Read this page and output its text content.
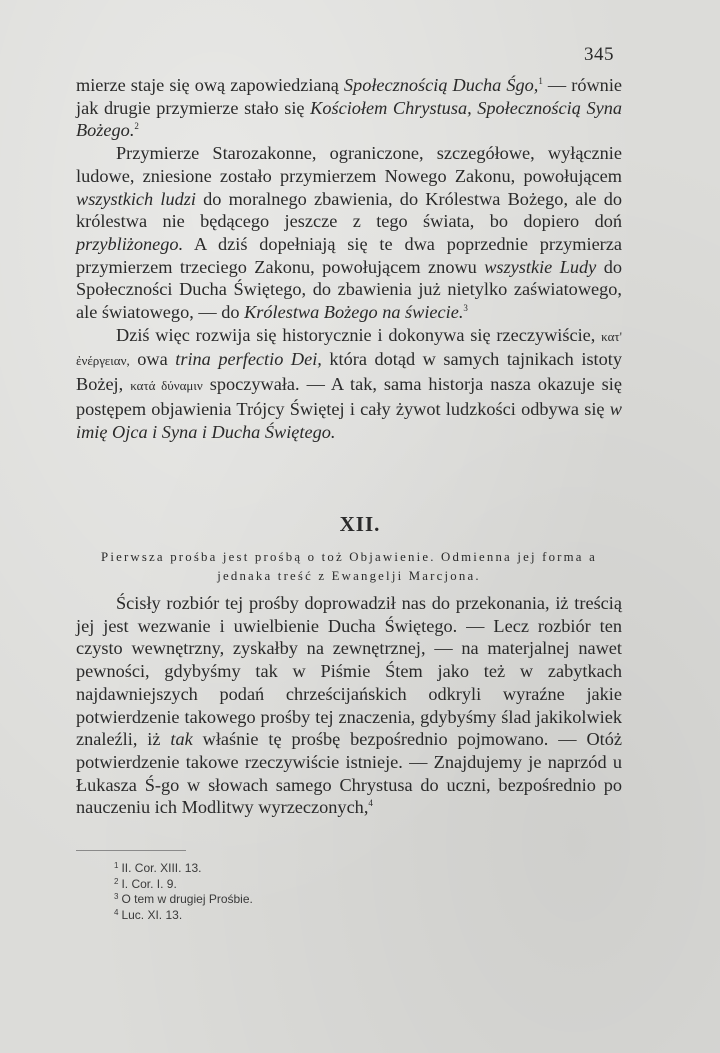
345

mierze staje się ową zapowiedzianą Społecznością Ducha Śgo,$^1$ — równie jak drugie przymierze stało się Kościołem Chrystusa, Społecznością Syna Bożego.$^2$

Przymierze Starozakonne, ograniczone, szczegółowe, wyłącznie ludowe, zniesione zostało przymierzem Nowego Zakonu, powołującem wszystkich ludzi do moralnego zbawienia, do Królestwa Bożego, ale do królestwa nie będącego jeszcze z tego świata, bo dopiero doń przybliżonego. A dziś dopełniają się te dwa poprzednie przymierza przymierzem trzeciego Zakonu, powołującem znowu wszystkie Ludy do Społeczności Ducha Świętego, do zbawienia już nietylko zaświatowego, ale światowego, — do Królestwa Bożego na świecie.$^3$

Dziś więc rozwija się historycznie i dokonywa się rzeczywiście, κατ' ἐνέργειαν, owa trina perfectio Dei, która dotąd w samych tajnikach istoty Bożej, κατά δύναμιν spoczywała. — A tak, sama historja nasza okazuje się postępem objawienia Trójcy Świętej i cały żywot ludzkości odbywa się w imię Ojca i Syna i Ducha Świętego.

XII.
Pierwsza prośba jest prośbą o toż Objawienie. Odmienna jej forma a jednaka treść z Ewangelji Marcjona.

Ścisły rozbiór tej prośby doprowadził nas do przekonania, iż treścią jej jest wezwanie i uwielbienie Ducha Świętego. — Lecz rozbiór ten czysto wewnętrzny, zyskałby na zewnętrznej, — na materjalnej nawet pewności, gdybyśmy tak w Piśmie Śtem jako też w zabytkach najdawniejszych podań chrześcijańskich odkryli wyraźne jakie potwierdzenie takowego prośby tej znaczenia, gdybyśmy ślad jakikolwiek znaleźli, iż tak właśnie tę prośbę bezpośrednio pojmowano. — Otóż potwierdzenie takowe rzeczywiście istnieje. — Znajdujemy je naprzód u Łukasza Ś-go w słowach samego Chrystusa do uczni, bezpośrednio po nauczeniu ich Modlitwy wyrzeczonych,$^4$

$^1$ II. Cor. XIII. 13.
$^2$ I. Cor. I. 9.
$^3$ O tem w drugiej Prośbie.
$^4$ Luc. XI. 13.
